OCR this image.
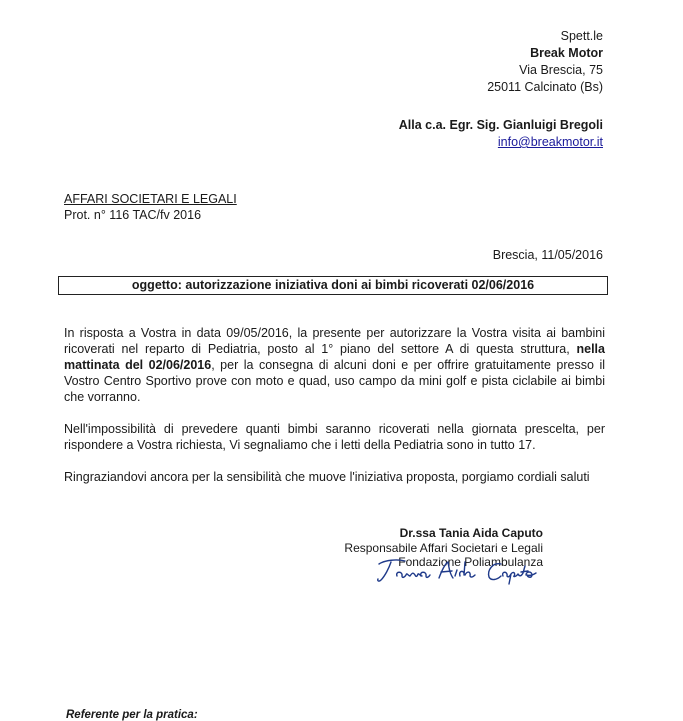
Spett.le
Break Motor
Via Brescia, 75
25011 Calcinato (Bs)
Alla c.a. Egr. Sig. Gianluigi Bregoli
info@breakmotor.it
AFFARI SOCIETARI E LEGALI
Prot. n° 116 TAC/fv 2016
Brescia, 11/05/2016
oggetto: autorizzazione iniziativa doni ai bimbi ricoverati 02/06/2016

In risposta a Vostra in data 09/05/2016, la presente per autorizzare la Vostra visita ai bambini ricoverati nel reparto di Pediatria, posto al 1° piano del settore A di questa struttura, nella mattinata del 02/06/2016, per la consegna di alcuni doni e per offrire gratuitamente presso il Vostro Centro Sportivo prove con moto e quad, uso campo da mini golf e pista ciclabile ai bimbi che vorranno.

Nell'impossibilità di prevedere quanti bimbi saranno ricoverati nella giornata prescelta, per rispondere a Vostra richiesta, Vi segnaliamo che i letti della Pediatria sono in tutto 17.

Ringraziandovi ancora per la sensibilità che muove l'iniziativa proposta, porgiamo cordiali saluti

Dr.ssa Tania Aida Caputo
Responsabile Affari Societari e Legali
Fondazione Poliambulanza
Referente per la pratica:
